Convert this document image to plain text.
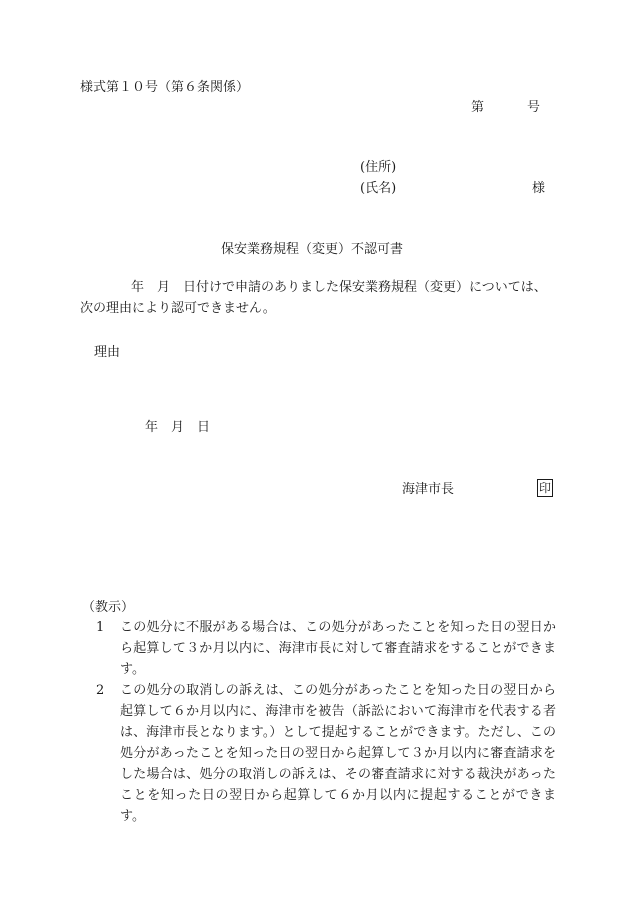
様式第１０号（第６条関係）
第	号
(住所)
(氏名)	様
保安業務規程（変更）不認可書
年　月　日付けで申請のありました保安業務規程（変更）については、
次の理由により認可できません。
理由
年　月　日
海津市長	印
（教示）
1	この処分に不服がある場合は、この処分があったことを知った日の翌日から起算して３か月以内に、海津市長に対して審査請求をすることができます。
2	この処分の取消しの訴えは、この処分があったことを知った日の翌日から起算して６か月以内に、海津市を被告（訴訟において海津市を代表する者は、海津市長となります。）として提起することができます。ただし、この処分があったことを知った日の翌日から起算して３か月以内に審査請求をした場合は、処分の取消しの訴えは、その審査請求に対する裁決があったことを知った日の翌日から起算して６か月以内に提起することができます。
